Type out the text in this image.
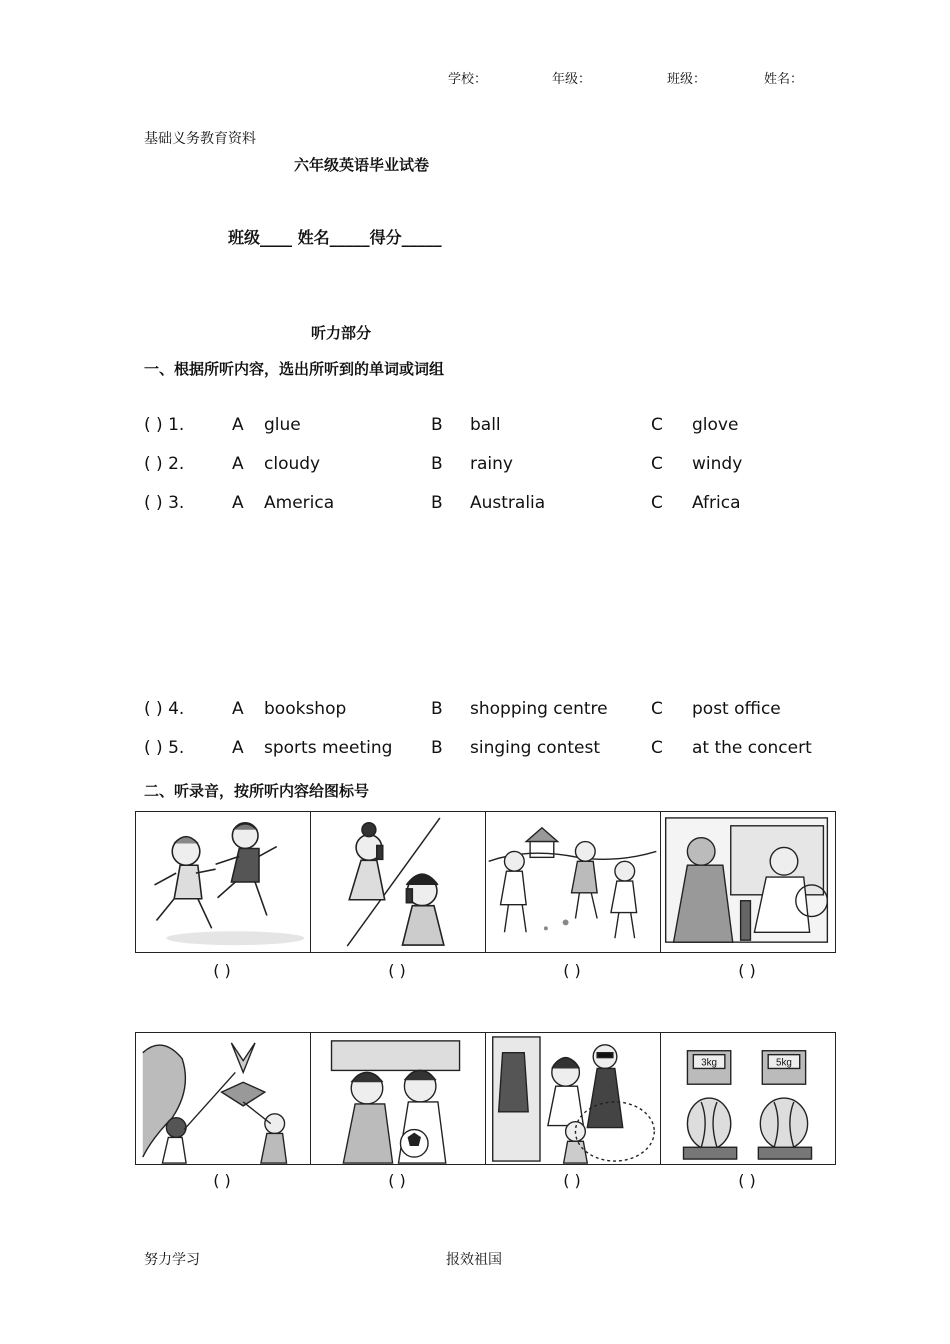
学校：	年级：	班级：	姓名：
基础义务教育资料
六年级英语毕业试卷
班级____ 姓名_____得分_____
听力部分
一、根据所听内容，选出所听到的单词或词组
( ) 1.	A glue	B ball	C glove
( ) 2.	A cloudy	B rainy	C windy
( ) 3.	A America	B Australia	C Africa
( ) 4.	A bookshop	B shopping centre	C post office
( ) 5.	A sports meeting B singing contest	C at the concert
二、听录音，按所听内容给图标号
( )	( )	( )	( )
3kg	5kg
( )	( )	( )	( )
努力学习	报效祖国
